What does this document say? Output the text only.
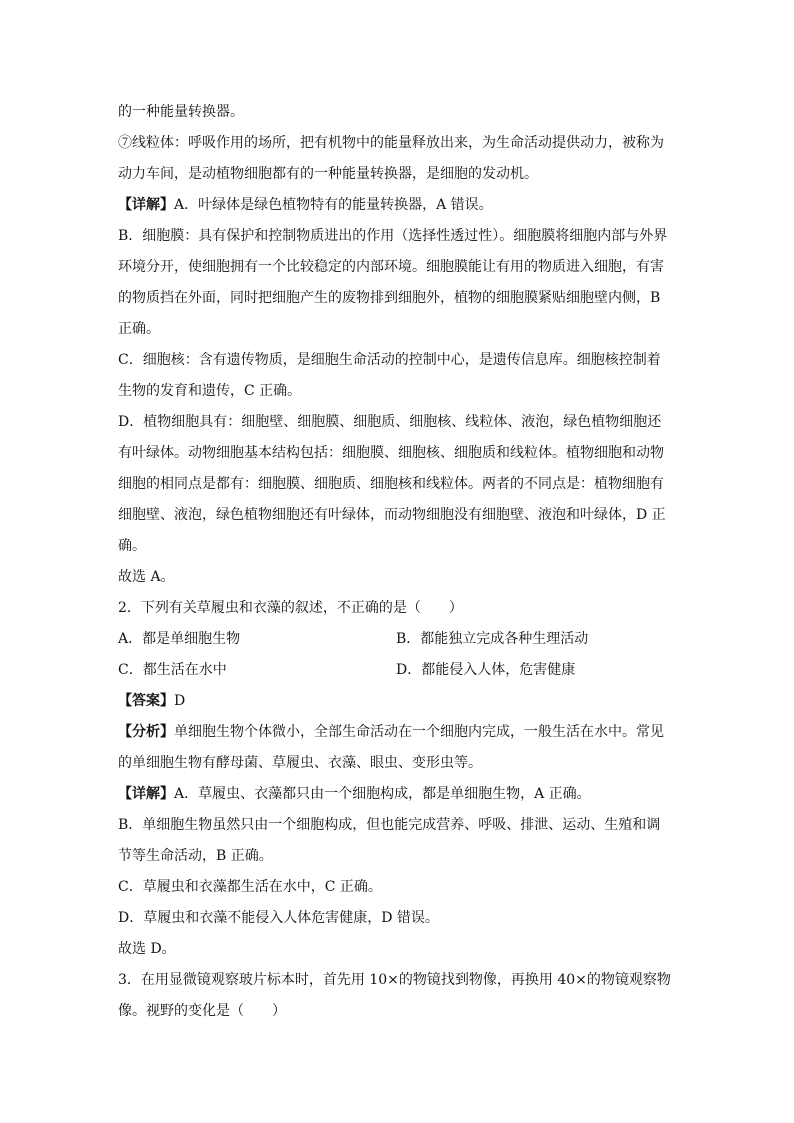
的一种能量转换器。
⑦线粒体：呼吸作用的场所，把有机物中的能量释放出来，为生命活动提供动力，被称为
动力车间，是动植物细胞都有的一种能量转换器，是细胞的发动机。
【详解】A．叶绿体是绿色植物特有的能量转换器，A 错误。
B．细胞膜：具有保护和控制物质进出的作用（选择性透过性）。细胞膜将细胞内部与外界
环境分开，使细胞拥有一个比较稳定的内部环境。细胞膜能让有用的物质进入细胞，有害
的物质挡在外面，同时把细胞产生的废物排到细胞外，植物的细胞膜紧贴细胞壁内侧，B
正确。
C．细胞核：含有遗传物质，是细胞生命活动的控制中心，是遗传信息库。细胞核控制着
生物的发育和遗传，C 正确。
D．植物细胞具有：细胞壁、细胞膜、细胞质、细胞核、线粒体、液泡，绿色植物细胞还
有叶绿体。动物细胞基本结构包括：细胞膜、细胞核、细胞质和线粒体。植物细胞和动物
细胞的相同点是都有：细胞膜、细胞质、细胞核和线粒体。两者的不同点是：植物细胞有
细胞壁、液泡，绿色植物细胞还有叶绿体，而动物细胞没有细胞壁、液泡和叶绿体，D 正
确。
故选 A。
2．下列有关草履虫和衣藻的叙述，不正确的是（　　）
A．都是单细胞生物	B．都能独立完成各种生理活动
C．都生活在水中	D．都能侵入人体，危害健康
【答案】D
【分析】单细胞生物个体微小，全部生命活动在一个细胞内完成，一般生活在水中。常见
的单细胞生物有酵母菌、草履虫、衣藻、眼虫、变形虫等。
【详解】A．草履虫、衣藻都只由一个细胞构成，都是单细胞生物，A 正确。
B．单细胞生物虽然只由一个细胞构成，但也能完成营养、呼吸、排泄、运动、生殖和调
节等生命活动，B 正确。
C．草履虫和衣藻都生活在水中，C 正确。
D．草履虫和衣藻不能侵入人体危害健康，D 错误。
故选 D。
3．在用显微镜观察玻片标本时，首先用 10×的物镜找到物像，再换用 40×的物镜观察物
像。视野的变化是（　　）
